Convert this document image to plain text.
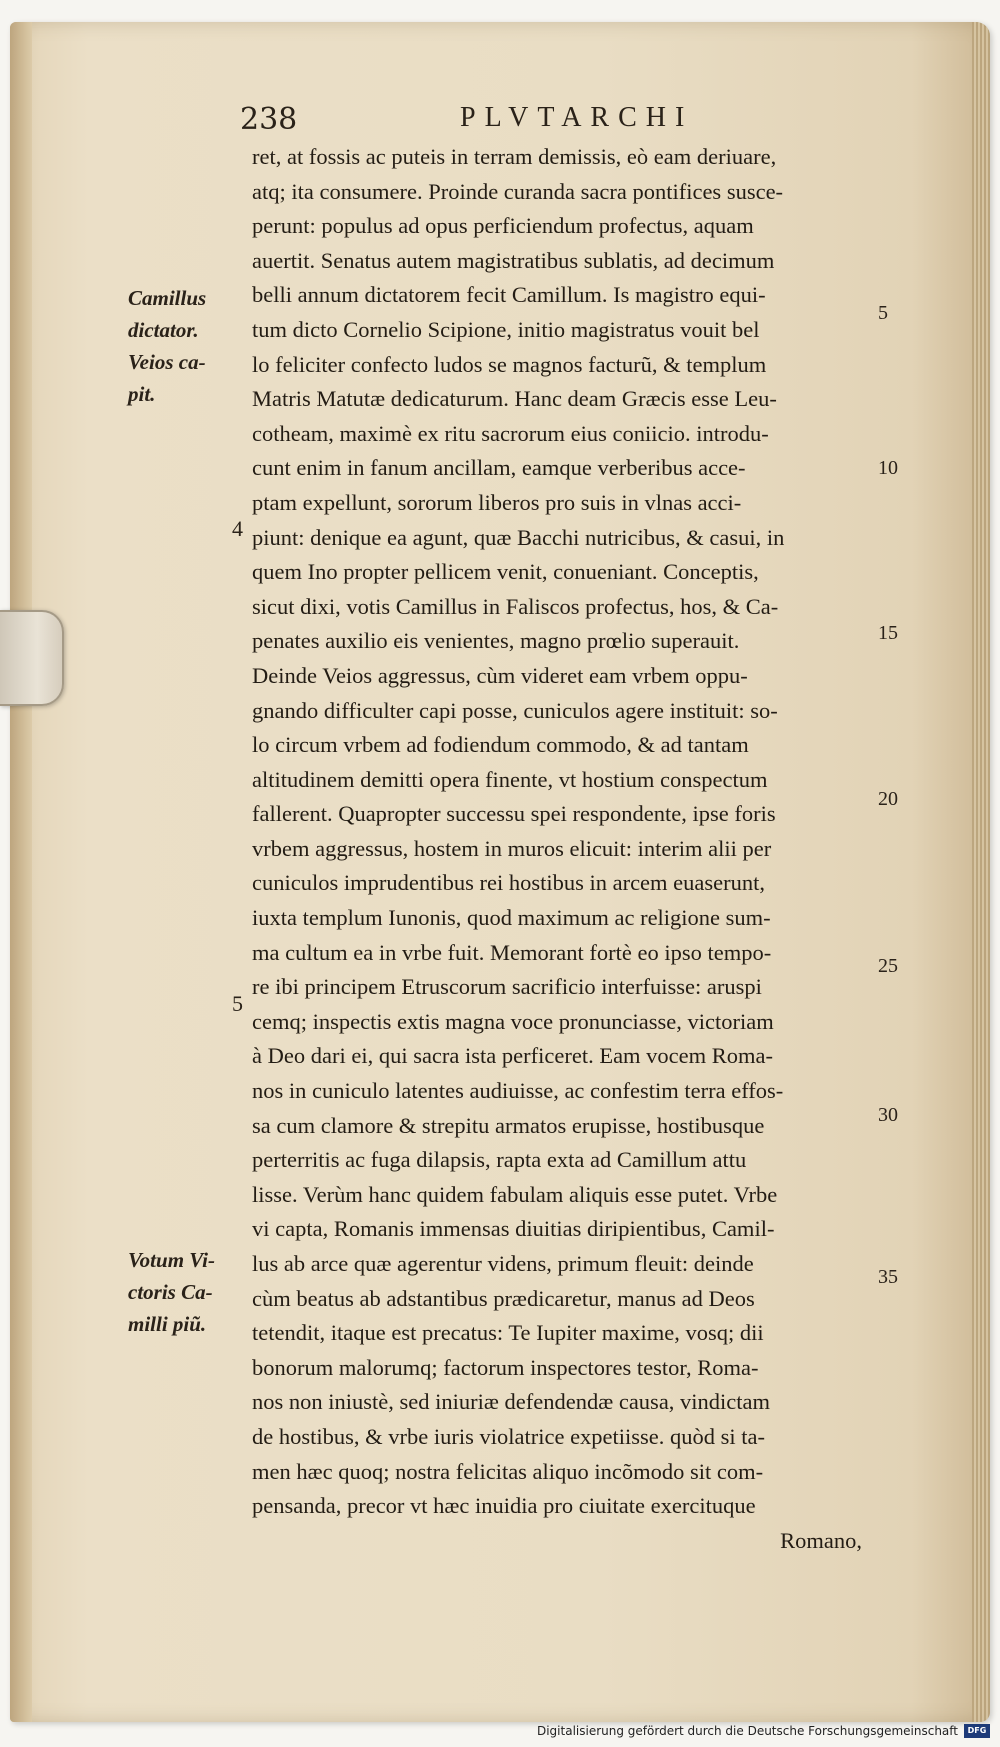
238	PLVTARCHI
ret, at fossis ac puteis in terram demissis, eò eam deriuare,
atq; ita consumere. Proinde curanda sacra pontifices susce-
perunt: populus ad opus perficiendum profectus, aquam
auertit. Senatus autem magistratibus sublatis, ad decimum
belli annum dictatorem fecit Camillum. Is magistro equi-
tum dicto Cornelio Scipione, initio magistratus vouit bel
lo feliciter confecto ludos se magnos facturũ, & templum
Matris Matutæ dedicaturum. Hanc deam Græcis esse Leu-
cotheam, maximè ex ritu sacrorum eius coniicio. introdu-
cunt enim in fanum ancillam, eamque verberibus acce-
ptam expellunt, sororum liberos pro suis in vlnas acci-
piunt: denique ea agunt, quæ Bacchi nutricibus, & casui, in
quem Ino propter pellicem venit, conueniant. Conceptis,
sicut dixi, votis Camillus in Faliscos profectus, hos, & Ca-
penates auxilio eis venientes, magno prœlio superauit.
Deinde Veios aggressus, cùm videret eam vrbem oppu-
gnando difficulter capi posse, cuniculos agere instituit: so-
lo circum vrbem ad fodiendum commodo, & ad tantam
altitudinem demitti opera finente, vt hostium conspectum
fallerent. Quapropter successu spei respondente, ipse foris
vrbem aggressus, hostem in muros elicuit: interim alii per
cuniculos imprudentibus rei hostibus in arcem euaserunt,
iuxta templum Iunonis, quod maximum ac religione sum-
ma cultum ea in vrbe fuit. Memorant fortè eo ipso tempo-
re ibi principem Etruscorum sacrificio interfuisse: aruspi
cemq; inspectis extis magna voce pronunciasse, victoriam
à Deo dari ei, qui sacra ista perficeret. Eam vocem Roma-
nos in cuniculo latentes audiuisse, ac confestim terra effos-
sa cum clamore & strepitu armatos erupisse, hostibusque
perterritis ac fuga dilapsis, rapta exta ad Camillum attu
lisse. Verùm hanc quidem fabulam aliquis esse putet. Vrbe
vi capta, Romanis immensas diuitias diripientibus, Camil-
lus ab arce quæ agerentur videns, primum fleuit: deinde
cùm beatus ab adstantibus prædicaretur, manus ad Deos
tetendit, itaque est precatus: Te Iupiter maxime, vosq; dii
bonorum malorumq; factorum inspectores testor, Roma-
nos non iniustè, sed iniuriæ defendendæ causa, vindictam
de hostibus, & vrbe iuris violatrice expetiisse. quòd si ta-
men hæc quoq; nostra felicitas aliquo incõmodo sit com-
pensanda, precor vt hæc inuidia pro ciuitate exercituque
Romano,
Camillus
dictator.
Veios ca-
pit.
Votum Vi-
ctoris Ca-
milli piũ.
5
10
15
20
25
30
35
4
5
Digitalisierung gefördert durch die Deutsche Forschungsgemeinschaft	DFG
